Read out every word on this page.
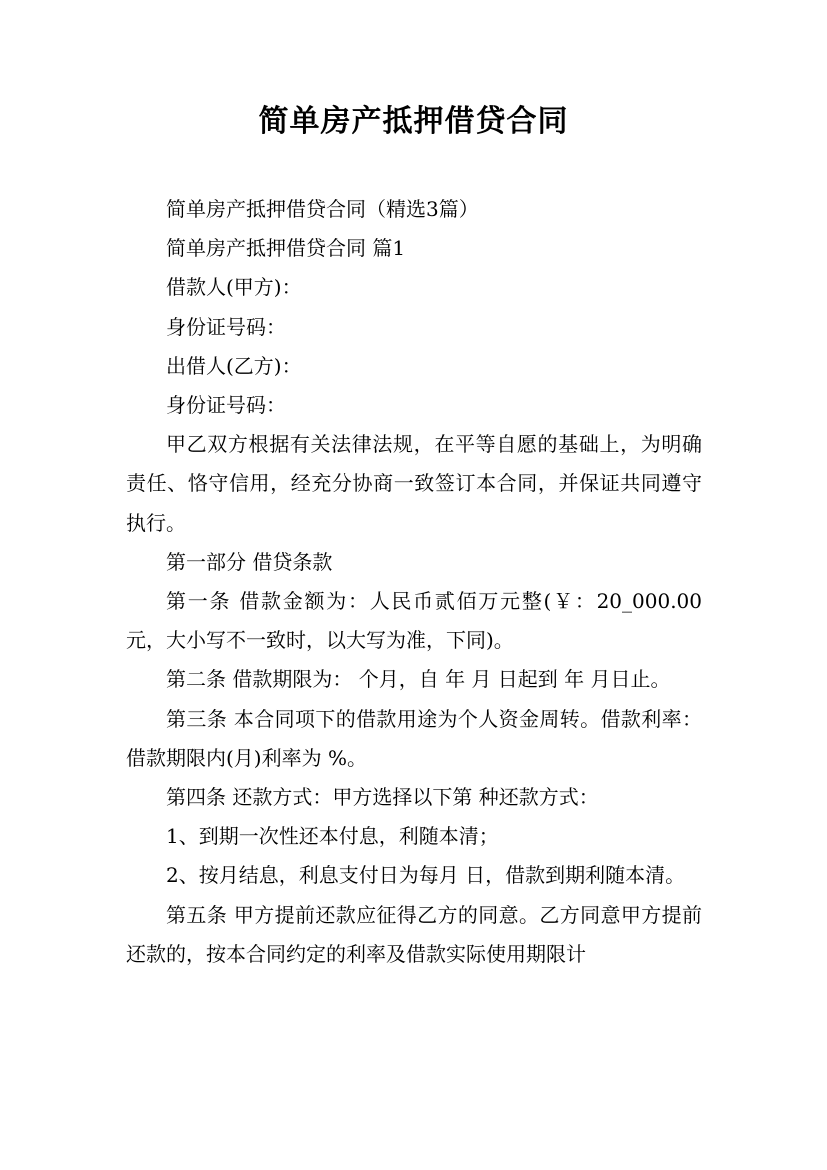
简单房产抵押借贷合同

简单房产抵押借贷合同（精选3篇）

简单房产抵押借贷合同 篇1

借款人(甲方)：

身份证号码：

出借人(乙方)：

身份证号码：

甲乙双方根据有关法律法规，在平等自愿的基础上，为明确责任、恪守信用，经充分协商一致签订本合同，并保证共同遵守执行。

第一部分 借贷条款

第一条 借款金额为：人民币贰佰万元整(￥：20_000.00元，大小写不一致时，以大写为准，下同)。

第二条 借款期限为： 个月，自 年 月 日起到 年 月日止。

第三条 本合同项下的借款用途为个人资金周转。借款利率：借款期限内(月)利率为 %。

第四条 还款方式：甲方选择以下第 种还款方式：

1、到期一次性还本付息，利随本清；

2、按月结息，利息支付日为每月 日，借款到期利随本清。

第五条 甲方提前还款应征得乙方的同意。乙方同意甲方提前还款的，按本合同约定的利率及借款实际使用期限计
